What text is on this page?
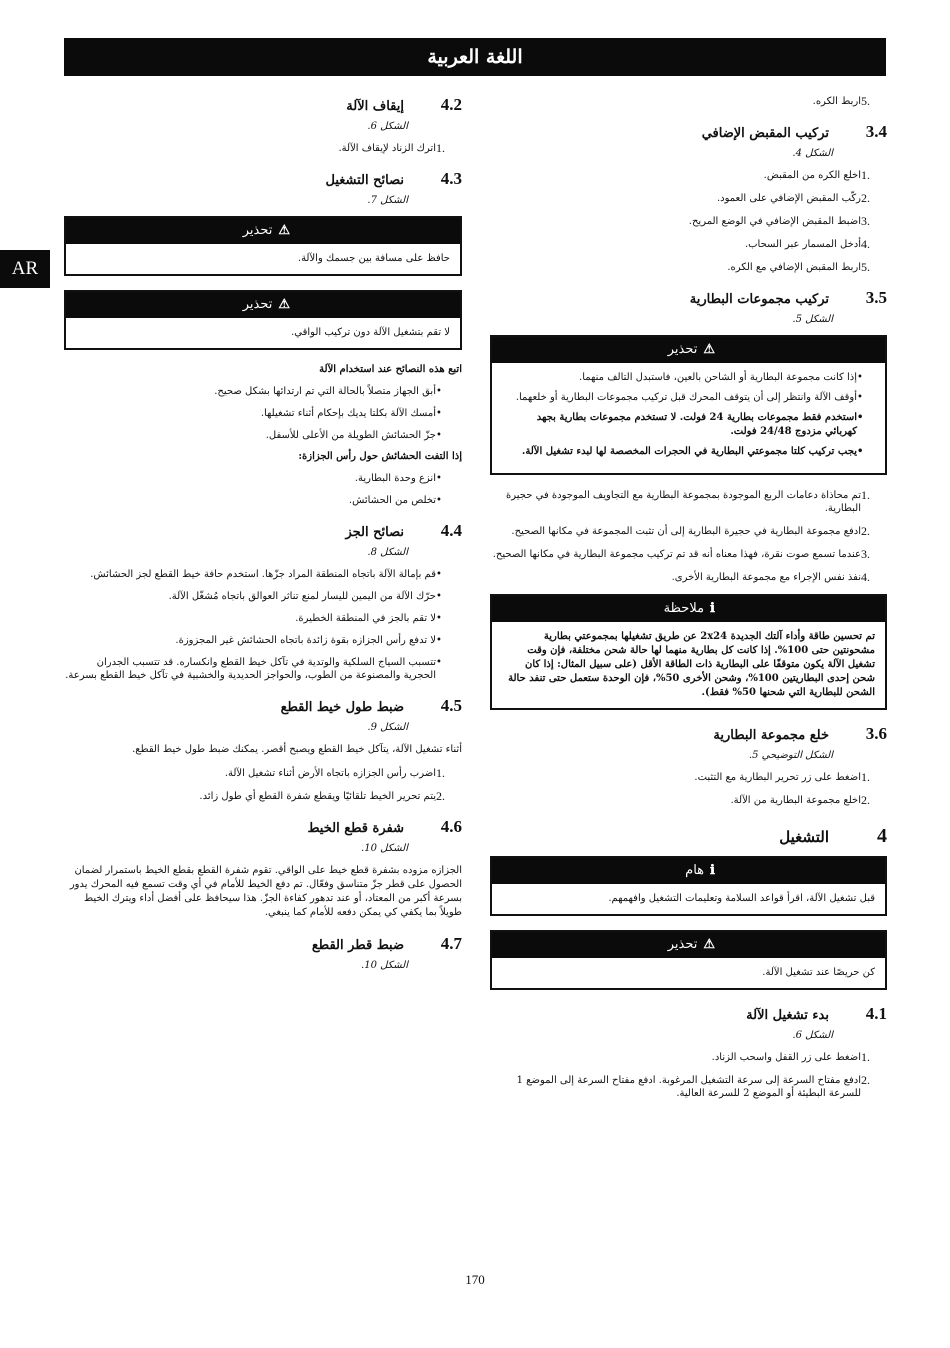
اللغة العربية
AR
.5
اربط الكره.
3.4
تركيب المقبض الإضافي
الشكل 4.
.1
اخلع الكره من المقبض.
.2
ركّب المقبض الإضافي على العمود.
.3
اضبط المقبض الإضافي في الوضع المريح.
.4
أدخل المسمار عبر السحاب.
.5
اربط المقبض الإضافي مع الكره.
3.5
تركيب مجموعات البطارية
الشكل 5.
⚠تحذير
•
إذا كانت مجموعة البطارية أو الشاحن بالعين، فاستبدل التالف منهما.
•
أوقف الآلة وانتظر إلى أن يتوقف المحرك قبل تركيب مجموعات البطارية أو خلعهما.
•
استخدم فقط مجموعات بطارية 24 فولت. لا تستخدم مجموعات بطارية بجهد كهربائي مزدوج 24/48 فولت.
•
يجب تركيب كلتا مجموعتي البطارية في الحجرات المخصصة لها لبدء تشغيل الآلة.
.1
تم محاذاة دعامات الربع الموجودة بمجموعة البطارية مع التجاويف الموجودة في حجيرة البطارية.
.2
ادفع مجموعة البطارية في حجيرة البطارية إلى أن تثبت المجموعة في مكانها الصحيح.
.3
عندما تسمع صوت نقرة، فهذا معناه أنه قد تم تركيب مجموعة البطارية في مكانها الصحيح.
.4
نفذ نفس الإجراء مع مجموعة البطارية الأخرى.
ℹملاحظة
تم تحسين طاقة وأداء آلتك الجديدة 2x24 عن طريق تشغيلها بمجموعتي بطارية مشحونتين حتى 100%. إذا كانت كل بطارية منهما لها حالة شحن مختلفة، فإن وقت تشغيل الآلة يكون متوقفًا على البطارية ذات الطاقة الأقل (على سبيل المثال: إذا كان شحن إحدى البطاريتين 100%، وشحن الأخرى 50%، فإن الوحدة ستعمل حتى تنفد حالة الشحن للبطارية التي شحنها 50% فقط).
3.6
خلع مجموعة البطارية
الشكل التوضيحي 5.
.1
اضغط على زر تحرير البطارية مع التثبت.
.2
اخلع مجموعة البطارية من الآلة.
4
التشغيل
ℹهام
قبل تشغيل الآلة، اقرأ قواعد السلامة وتعليمات التشغيل وافهمهم.
⚠تحذير
كن حريصًا عند تشغيل الآلة.
4.1
بدء تشغيل الآلة
الشكل 6.
.1
اضغط على زر القفل واسحب الزناد.
.2
ادفع مفتاح السرعة إلى سرعة التشغيل المرغوبة. ادفع مفتاح السرعة إلى الموضع 1 للسرعة البطيئة أو الموضع 2 للسرعة العالية.
4.2
إيقاف الآلة
الشكل 6.
.1
اترك الزناد لإيقاف الآلة.
4.3
نصائح التشغيل
الشكل 7.
⚠تحذير
حافظ على مسافة بين جسمك والآلة.
⚠تحذير
لا تقم بتشغيل الآلة دون تركيب الواقي.
اتبع هذه النصائح عند استخدام الآلة
•
أبق الجهاز متصلاً بالحالة التي تم ارتدائها بشكل صحيح.
•
أمسك الآلة بكلتا يديك بإحكام أثناء تشغيلها.
•
جزّ الحشائش الطويلة من الأعلى للأسفل.
إذا التفت الحشائش حول رأس الجزازة:
•
انزع وحدة البطارية.
•
تخلص من الحشائش.
4.4
نصائح الجز
الشكل 8.
•
قم بإمالة الآلة باتجاه المنطقة المراد جزّها. استخدم حافة خيط القطع لجز الحشائش.
•
حرّك الآلة من اليمين لليسار لمنع تناثر العوالق باتجاه مُشغّل الآلة.
•
لا تقم بالجز في المنطقة الخطيرة.
•
لا تدفع رأس الجزازه بقوة زائدة باتجاه الحشائش غير المجزوزة.
•
تتسبب السياج السلكية والوتدية في تآكل خيط القطع وانكساره. قد تتسبب الجدران الحجرية والمصنوعة من الطوب، والحواجز الحديدية والخشبية في تآكل خيط القطع بسرعة.
4.5
ضبط طول خيط القطع
الشكل 9.
أثناء تشغيل الآلة، يتآكل خيط القطع ويصبح أقصر. يمكنك ضبط طول خيط القطع.
.1
اضرب رأس الجزازه باتجاه الأرض أثناء تشغيل الآلة.
.2
يتم تحرير الخيط تلقائيًا ويقطع شفرة القطع أي طول زائد.
4.6
شفرة قطع الخيط
الشكل 10.
الجزازه مزوده بشفرة قطع خيط على الواقي. تقوم شفرة القطع بقطع الخيط باستمرار لضمان الحصول على قطر جزّ متناسق وفعّال. تم دفع الخيط للأمام في أي وقت تسمع فيه المحرك يدور بسرعة أكبر من المعتاد، أو عند تدهور كفاءة الجزّ. هذا سيحافظ على أفضل أداء ويترك الخيط طويلاً بما يكفي كي يمكن دفعه للأمام كما ينبغي.
4.7
ضبط قطر القطع
الشكل 10.
170
